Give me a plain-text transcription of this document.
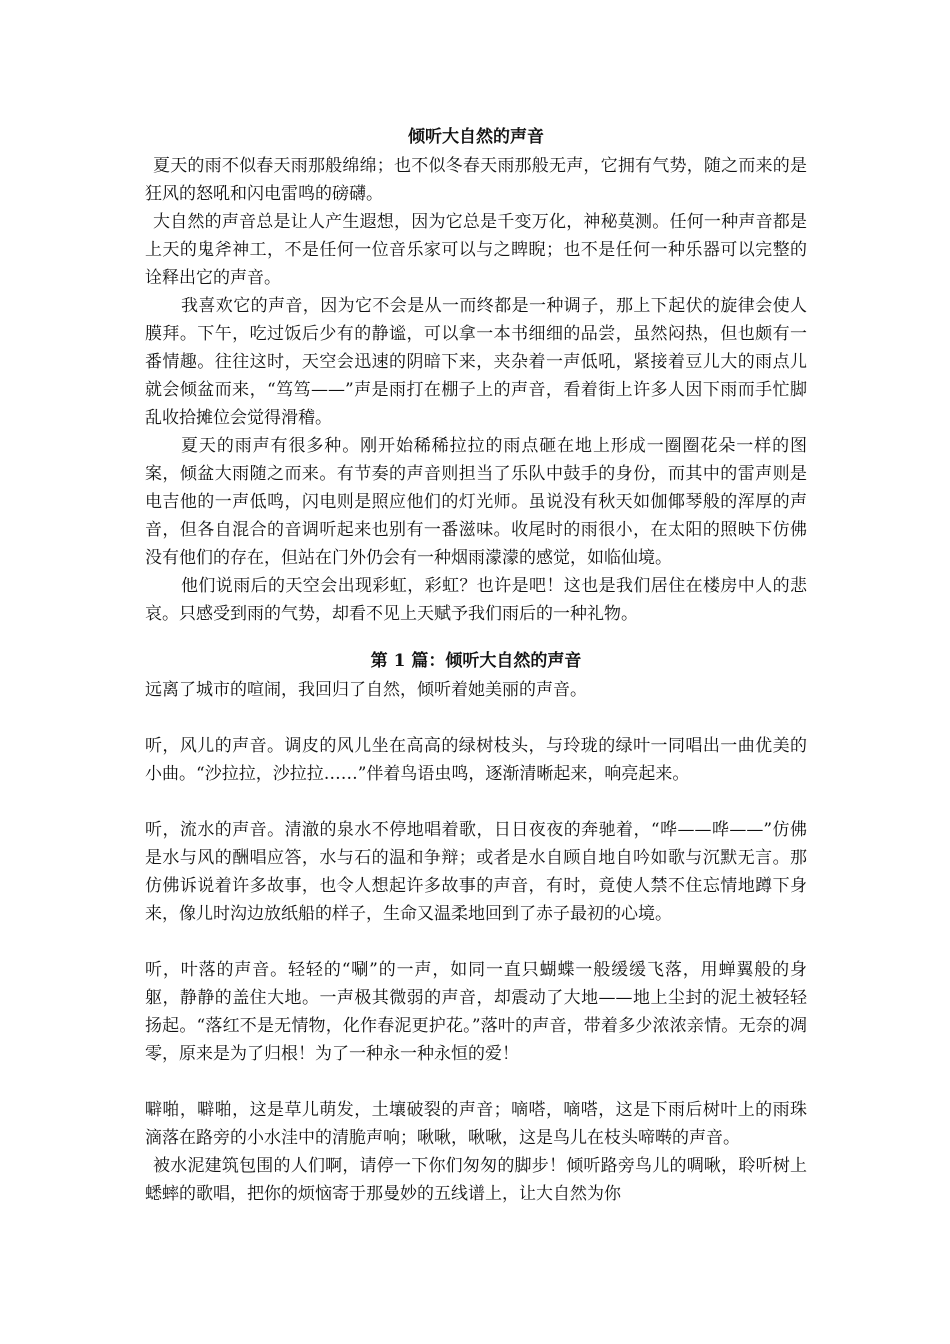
倾听大自然的声音

夏天的雨不似春天雨那般绵绵；也不似冬春天雨那般无声，它拥有气势，随之而来的是狂风的怒吼和闪电雷鸣的磅礴。

大自然的声音总是让人产生遐想，因为它总是千变万化，神秘莫测。任何一种声音都是上天的鬼斧神工，不是任何一位音乐家可以与之睥睨；也不是任何一种乐器可以完整的诠释出它的声音。

我喜欢它的声音，因为它不会是从一而终都是一种调子，那上下起伏的旋律会使人膜拜。下午，吃过饭后少有的静谧，可以拿一本书细细的品尝，虽然闷热，但也颇有一番情趣。往往这时，天空会迅速的阴暗下来，夹杂着一声低吼，紧接着豆儿大的雨点儿就会倾盆而来，“笃笃——”声是雨打在棚子上的声音，看着街上许多人因下雨而手忙脚乱收拾摊位会觉得滑稽。

夏天的雨声有很多种。刚开始稀稀拉拉的雨点砸在地上形成一圈圈花朵一样的图案，倾盆大雨随之而来。有节奏的声音则担当了乐队中鼓手的身份，而其中的雷声则是电吉他的一声低鸣，闪电则是照应他们的灯光师。虽说没有秋天如伽倻琴般的浑厚的声音，但各自混合的音调听起来也别有一番滋味。收尾时的雨很小，在太阳的照映下仿佛没有他们的存在，但站在门外仍会有一种烟雨濛濛的感觉，如临仙境。

他们说雨后的天空会出现彩虹，彩虹？也许是吧！这也是我们居住在楼房中人的悲哀。只感受到雨的气势，却看不见上天赋予我们雨后的一种礼物。

第 1 篇：倾听大自然的声音

远离了城市的喧闹，我回归了自然，倾听着她美丽的声音。

听，风儿的声音。调皮的风儿坐在高高的绿树枝头，与玲珑的绿叶一同唱出一曲优美的小曲。“沙拉拉，沙拉拉……”伴着鸟语虫鸣，逐渐清晰起来，响亮起来。

听，流水的声音。清澈的泉水不停地唱着歌，日日夜夜的奔驰着，“哗——哗——”仿佛是水与风的酬唱应答，水与石的温和争辩；或者是水自顾自地自吟如歌与沉默无言。那仿佛诉说着许多故事，也令人想起许多故事的声音，有时，竟使人禁不住忘情地蹲下身来，像儿时沟边放纸船的样子，生命又温柔地回到了赤子最初的心境。

听，叶落的声音。轻轻的“唰”的一声，如同一直只蝴蝶一般缓缓飞落，用蝉翼般的身躯，静静的盖住大地。一声极其微弱的声音，却震动了大地——地上尘封的泥土被轻轻扬起。“落红不是无情物，化作春泥更护花。”落叶的声音，带着多少浓浓亲情。无奈的凋零，原来是为了归根！为了一种永一种永恒的爱！

噼啪，噼啪，这是草儿萌发，土壤破裂的声音；嘀嗒，嘀嗒，这是下雨后树叶上的雨珠滴落在路旁的小水洼中的清脆声响；啾啾，啾啾，这是鸟儿在枝头啼啭的声音。

被水泥建筑包围的人们啊，请停一下你们匆匆的脚步！倾听路旁鸟儿的啁啾，聆听树上蟋蟀的歌唱，把你的烦恼寄于那曼妙的五线谱上，让大自然为你
